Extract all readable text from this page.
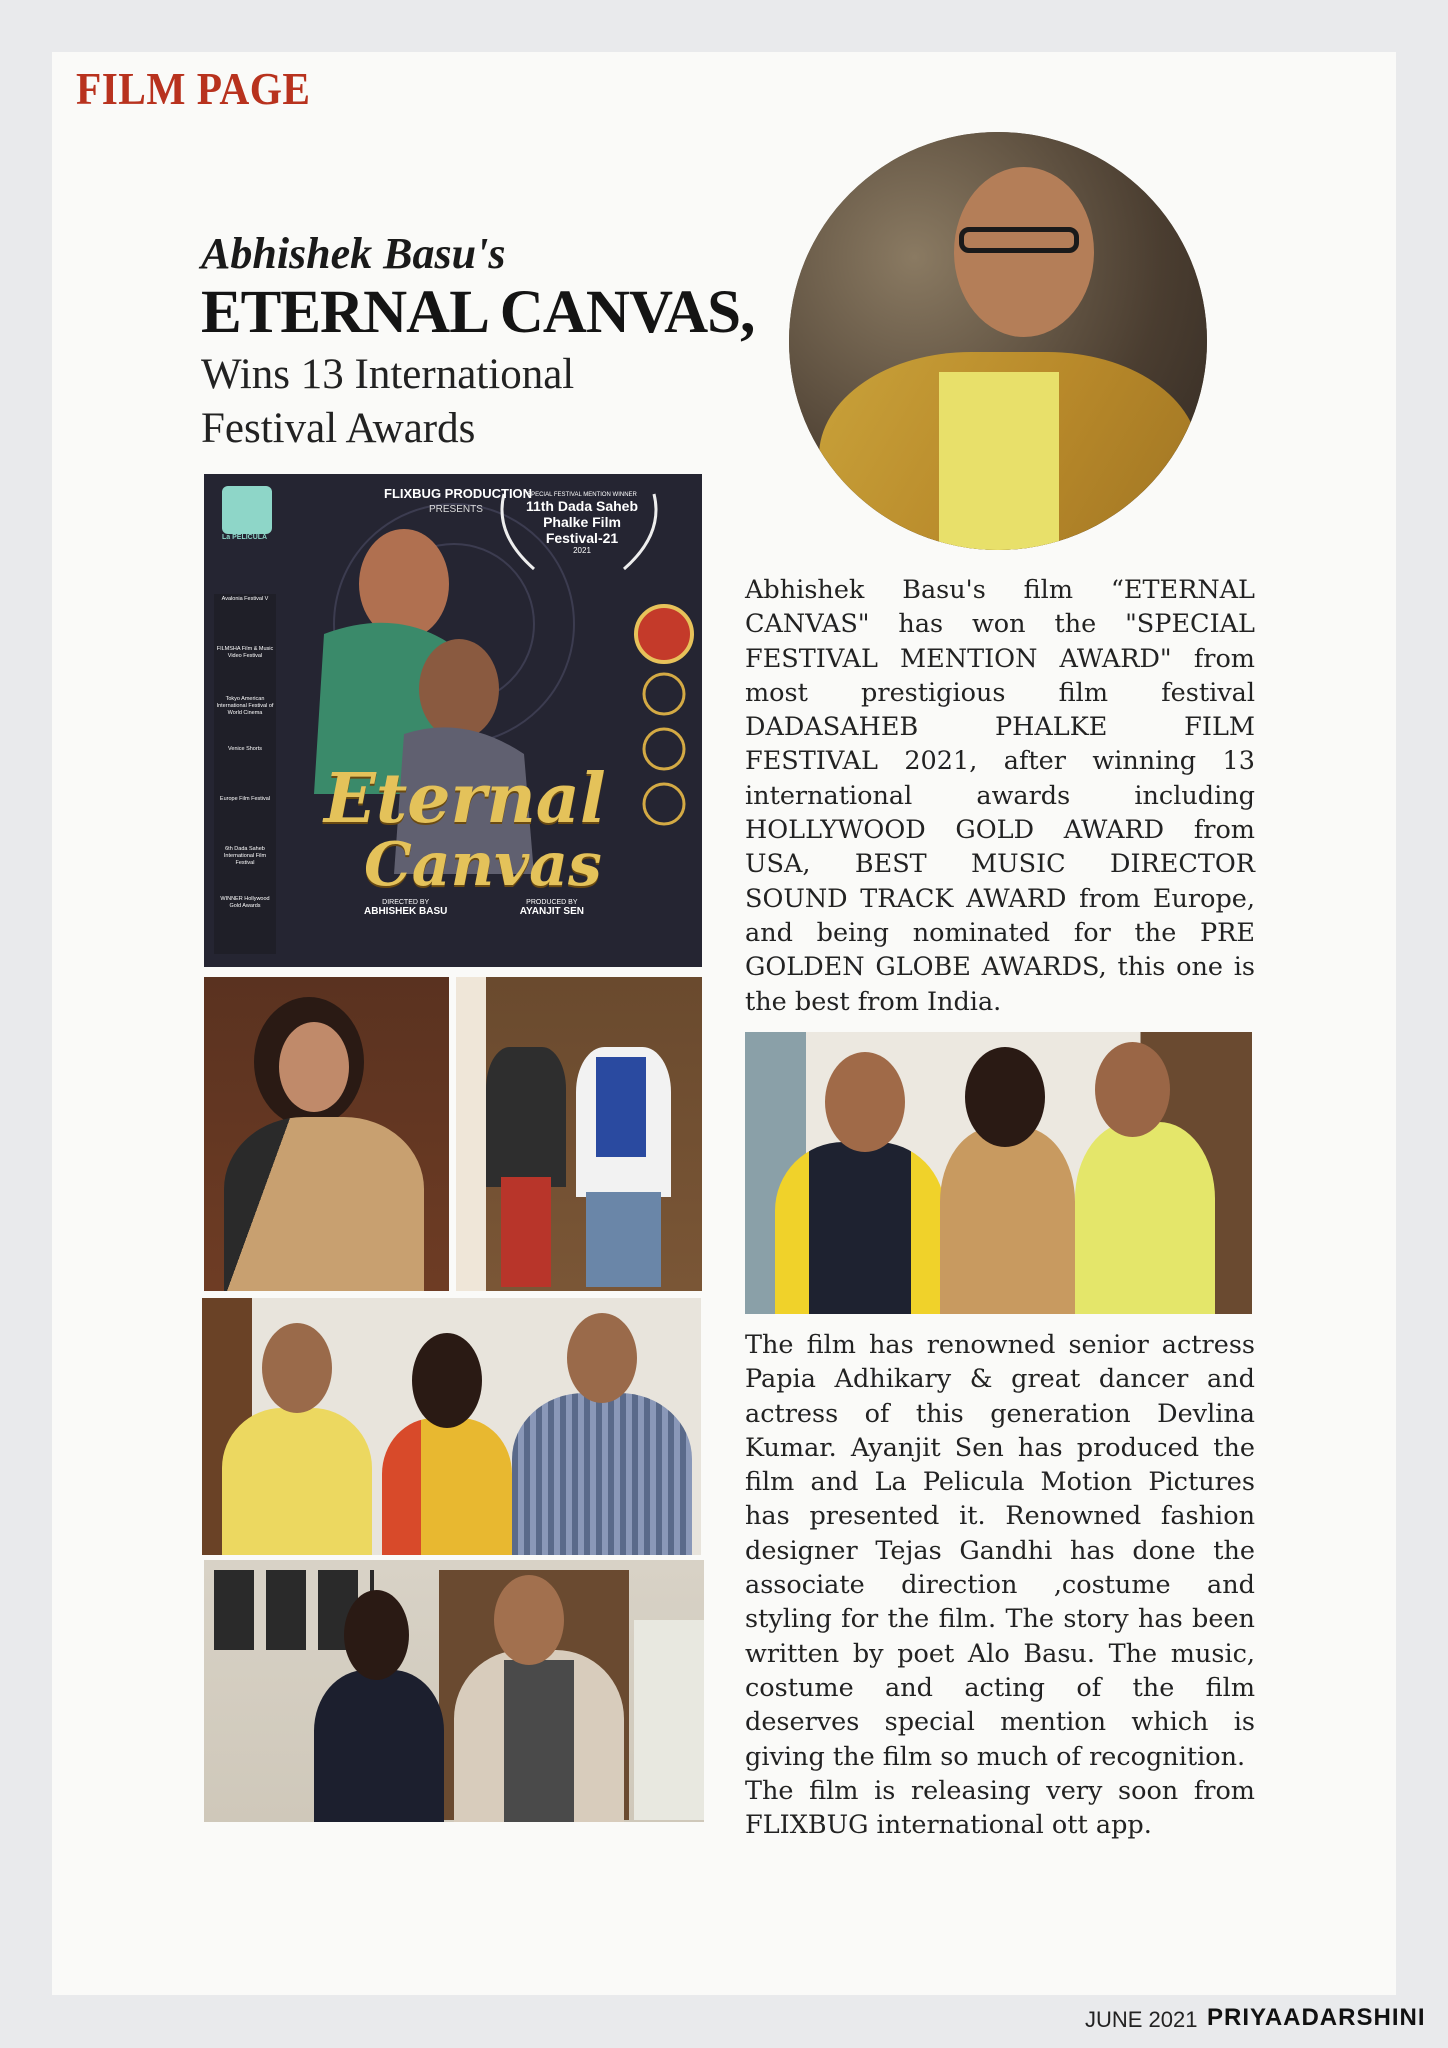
FILM PAGE
Abhishek Basu's
ETERNAL CANVAS,
Wins 13 International Festival Awards
FLIXBUG PRODUCTION
PRESENTS
La PELICULA
SPECIAL FESTIVAL MENTION WINNER
11th Dada Saheb
Phalke Film
Festival-21
2021
Avalonia Festival V
FILMSHA Film & Music Video Festival
Tokyo American International Festival of World Cinema
Venice Shorts
Europe Film Festival
6th Dada Saheb International Film Festival
WINNER Hollywood Gold Awards
Eternal
Canvas
DIRECTED BY
ABHISHEK BASU
PRODUCED BY
AYANJIT SEN

Abhishek Basu's film “ETERNAL CANVAS" has won the "SPECIAL FESTIVAL MENTION AWARD" from most prestigious film festival DADASAHEB PHALKE FILM FESTIVAL 2021, after winning 13 international awards including HOLLYWOOD GOLD AWARD from USA, BEST MUSIC DIRECTOR SOUND TRACK AWARD from Europe, and being nominated for the PRE GOLDEN GLOBE AWARDS, this one is the best from India.

The film has renowned senior actress Papia Adhikary & great dancer and actress of this generation Devlina Kumar. Ayanjit Sen has produced the film and La Pelicula Motion Pictures has presented it. Renowned fashion designer Tejas Gandhi has done the associate direction ,costume and styling for the film. The story has been written by poet Alo Basu. The music, costume and acting of the film deserves special mention which is giving the film so much of recognition.

The film is releasing very soon from FLIXBUG international ott app.

JUNE 2021 PRIYAADARSHINI
